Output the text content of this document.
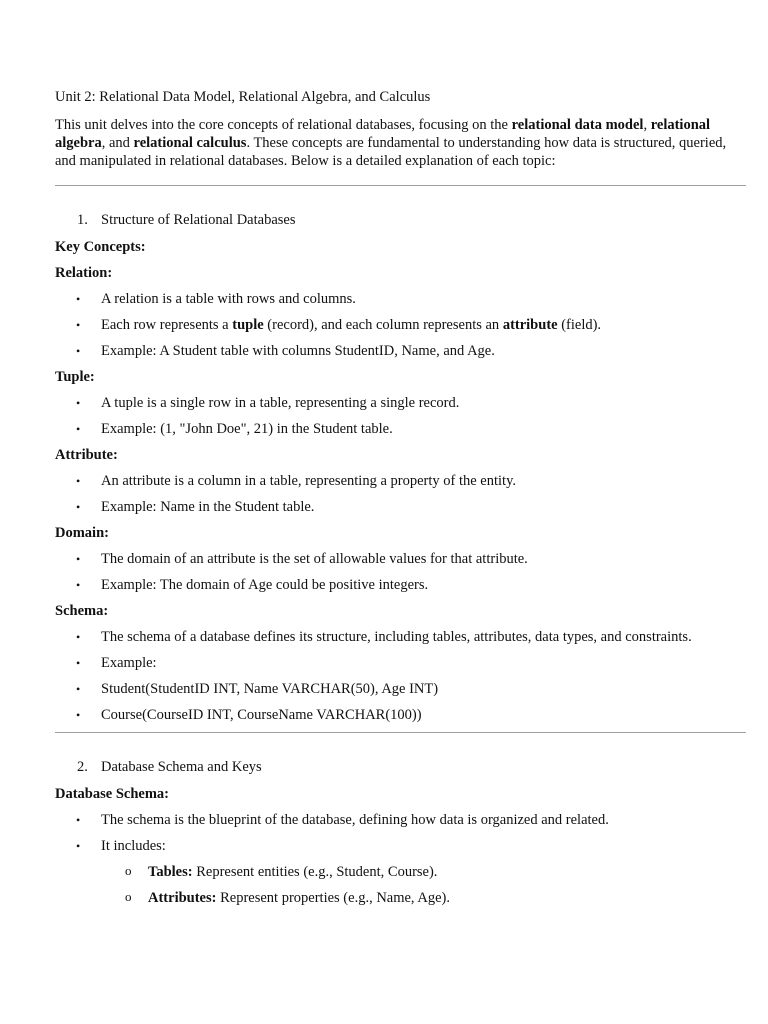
Unit 2: Relational Data Model, Relational Algebra, and Calculus

This unit delves into the core concepts of relational databases, focusing on the relational data model, relational algebra, and relational calculus. These concepts are fundamental to understanding how data is structured, queried, and manipulated in relational databases. Below is a detailed explanation of each topic:

1. Structure of Relational Databases

Key Concepts:

Relation:

• A relation is a table with rows and columns.
• Each row represents a tuple (record), and each column represents an attribute (field).
• Example: A Student table with columns StudentID, Name, and Age.

Tuple:

• A tuple is a single row in a table, representing a single record.
• Example: (1, "John Doe", 21) in the Student table.

Attribute:

• An attribute is a column in a table, representing a property of the entity.
• Example: Name in the Student table.

Domain:

• The domain of an attribute is the set of allowable values for that attribute.
• Example: The domain of Age could be positive integers.

Schema:

• The schema of a database defines its structure, including tables, attributes, data types, and constraints.
• Example:
• Student(StudentID INT, Name VARCHAR(50), Age INT)
• Course(CourseID INT, CourseName VARCHAR(100))
2. Database Schema and Keys

Database Schema:

• The schema is the blueprint of the database, defining how data is organized and related.
• It includes:
o Tables: Represent entities (e.g., Student, Course).
o Attributes: Represent properties (e.g., Name, Age).
